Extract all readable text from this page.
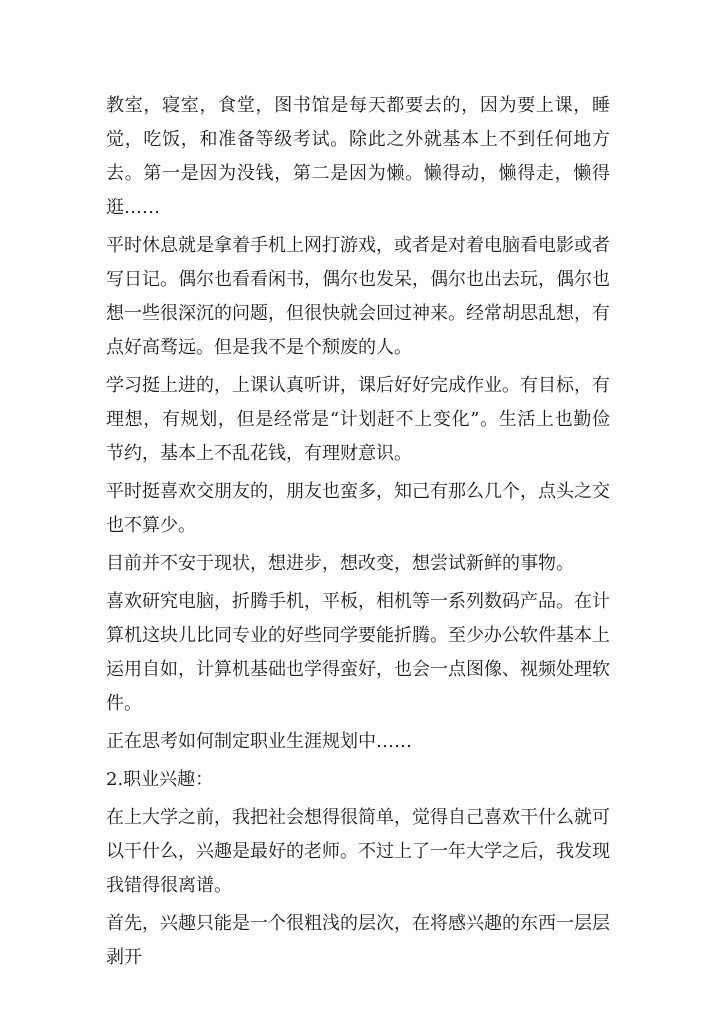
教室，寝室，食堂，图书馆是每天都要去的，因为要上课，睡觉，吃饭，和准备等级考试。除此之外就基本上不到任何地方去。第一是因为没钱，第二是因为懒。懒得动，懒得走，懒得逛……

平时休息就是拿着手机上网打游戏，或者是对着电脑看电影或者写日记。偶尔也看看闲书，偶尔也发呆，偶尔也出去玩，偶尔也想一些很深沉的问题，但很快就会回过神来。经常胡思乱想，有点好高骛远。但是我不是个颓废的人。

学习挺上进的，上课认真听讲，课后好好完成作业。有目标，有理想，有规划，但是经常是“计划赶不上变化”。生活上也勤俭节约，基本上不乱花钱，有理财意识。

平时挺喜欢交朋友的，朋友也蛮多，知己有那么几个，点头之交也不算少。

目前并不安于现状，想进步，想改变，想尝试新鲜的事物。

喜欢研究电脑，折腾手机，平板，相机等一系列数码产品。在计算机这块儿比同专业的好些同学要能折腾。至少办公软件基本上运用自如，计算机基础也学得蛮好，也会一点图像、视频处理软件。

正在思考如何制定职业生涯规划中……

2.职业兴趣：

在上大学之前，我把社会想得很简单，觉得自己喜欢干什么就可以干什么，兴趣是最好的老师。不过上了一年大学之后，我发现我错得很离谱。

首先，兴趣只能是一个很粗浅的层次，在将感兴趣的东西一层层剥开
